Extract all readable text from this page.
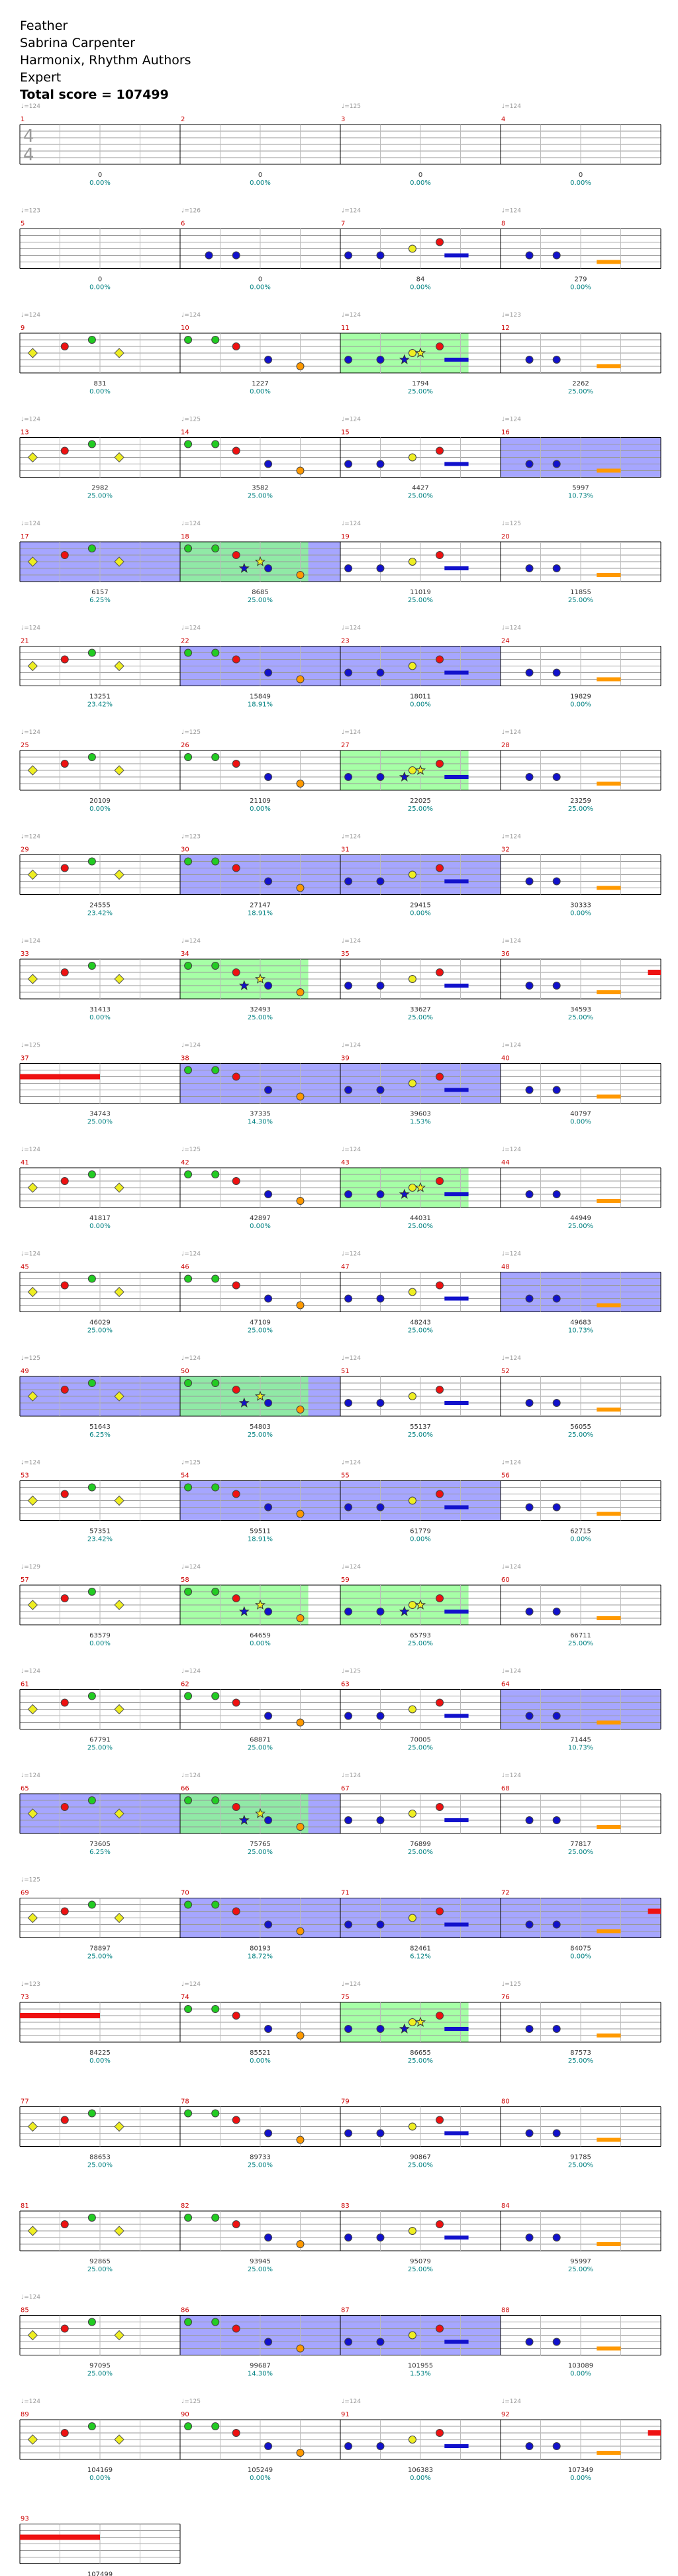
Feather
Sabrina Carpenter
Harmonix, Rhythm Authors
Expert
Total score = 107499
1
♩=124
4
4
0
0.00%
2
0
0.00%
3
♩=125
0
0.00%
4
♩=124
0
0.00%
5
♩=123
0
0.00%
6
♩=126
0
0.00%
7
♩=124
84
0.00%
8
♩=124
279
0.00%
9
♩=124
831
0.00%
10
♩=124
1227
0.00%
11
♩=124
1794
25.00%
12
♩=123
2262
25.00%
13
♩=124
2982
25.00%
14
♩=125
3582
25.00%
15
♩=124
4427
25.00%
16
♩=124
5997
10.73%
17
♩=124
6157
6.25%
18
♩=124
8685
25.00%
19
♩=124
11019
25.00%
20
♩=125
11855
25.00%
21
♩=124
13251
23.42%
22
♩=124
15849
18.91%
23
♩=124
18011
0.00%
24
♩=124
19829
0.00%
25
♩=124
20109
0.00%
26
♩=125
21109
0.00%
27
♩=124
22025
25.00%
28
♩=124
23259
25.00%
29
♩=124
24555
23.42%
30
♩=123
27147
18.91%
31
♩=124
29415
0.00%
32
♩=124
30333
0.00%
33
♩=124
31413
0.00%
34
♩=124
32493
25.00%
35
♩=124
33627
25.00%
36
♩=124
34593
25.00%
37
♩=125
34743
25.00%
38
♩=124
37335
14.30%
39
♩=124
39603
1.53%
40
♩=124
40797
0.00%
41
♩=124
41817
0.00%
42
♩=125
42897
0.00%
43
♩=124
44031
25.00%
44
♩=124
44949
25.00%
45
♩=124
46029
25.00%
46
♩=124
47109
25.00%
47
♩=124
48243
25.00%
48
♩=124
49683
10.73%
49
♩=125
51643
6.25%
50
♩=124
54803
25.00%
51
♩=124
55137
25.00%
52
♩=124
56055
25.00%
53
♩=124
57351
23.42%
54
♩=125
59511
18.91%
55
♩=124
61779
0.00%
56
♩=124
62715
0.00%
57
♩=129
63579
0.00%
58
♩=124
64659
0.00%
59
♩=124
65793
25.00%
60
♩=124
66711
25.00%
61
♩=124
67791
25.00%
62
♩=124
68871
25.00%
63
♩=125
70005
25.00%
64
♩=124
71445
10.73%
65
♩=124
73605
6.25%
66
♩=124
75765
25.00%
67
♩=124
76899
25.00%
68
♩=124
77817
25.00%
69
♩=125
78897
25.00%
70
80193
18.72%
71
82461
6.12%
72
84075
0.00%
73
♩=123
84225
0.00%
74
♩=124
85521
0.00%
75
♩=124
86655
25.00%
76
♩=125
87573
25.00%
77
88653
25.00%
78
89733
25.00%
79
90867
25.00%
80
91785
25.00%
81
92865
25.00%
82
93945
25.00%
83
95079
25.00%
84
95997
25.00%
85
♩=124
97095
25.00%
86
99687
14.30%
87
101955
1.53%
88
103089
0.00%
89
♩=124
104169
0.00%
90
♩=125
105249
0.00%
91
♩=124
106383
0.00%
92
♩=124
107349
0.00%
93
107499
